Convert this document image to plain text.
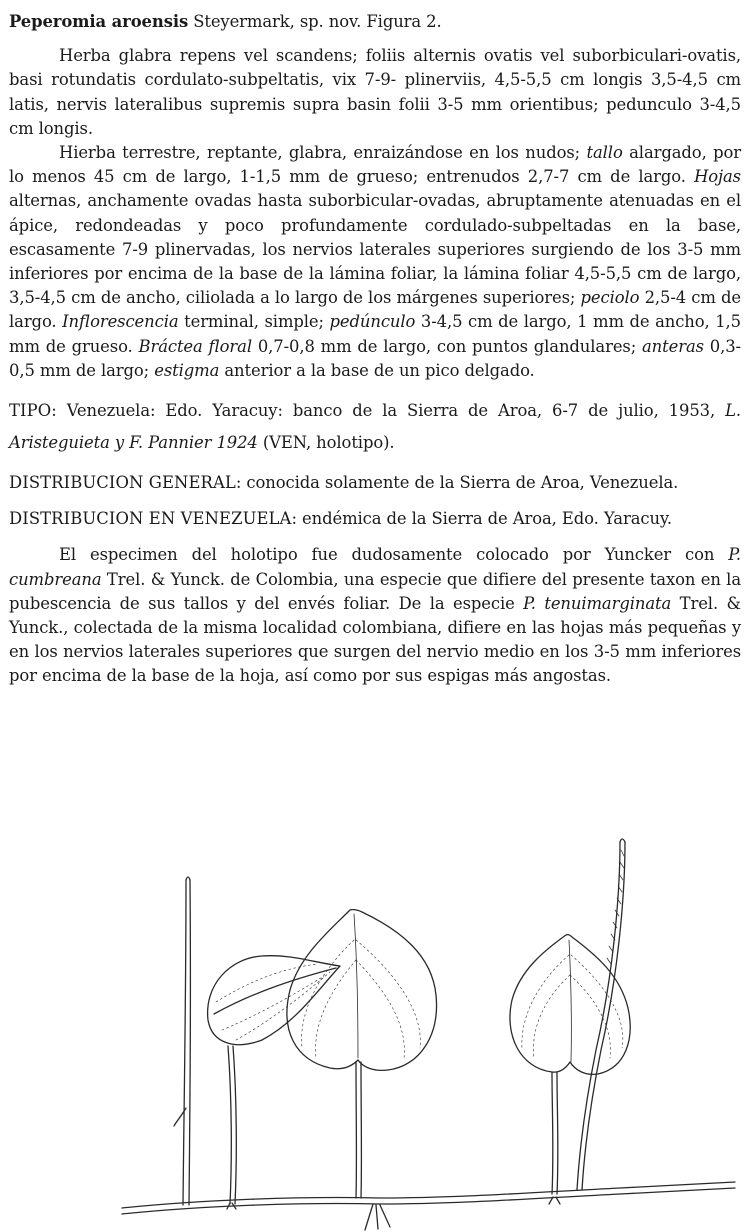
Peperomia aroensis Steyermark, sp. nov. Figura 2.

Herba glabra repens vel scandens; foliis alternis ovatis vel suborbiculari-ovatis, basi rotundatis cordulato-subpeltatis, vix 7-9- plinerviis, 4,5-5,5 cm longis 3,5-4,5 cm latis, nervis lateralibus supremis supra basin folii 3-5 mm orientibus; pedunculo 3-4,5 cm longis.

Hierba terrestre, reptante, glabra, enraizándose en los nudos; tallo alargado, por lo menos 45 cm de largo, 1-1,5 mm de grueso; entrenudos 2,7-7 cm de largo. Hojas alternas, anchamente ovadas hasta suborbicular-ovadas, abruptamente atenuadas en el ápice, redondeadas y poco profundamente cordulado-subpeltadas en la base, escasamente 7-9 plinervadas, los nervios laterales superiores surgiendo de los 3-5 mm inferiores por encima de la base de la lámina foliar, la lámina foliar 4,5-5,5 cm de largo, 3,5-4,5 cm de ancho, ciliolada a lo largo de los márgenes superiores; peciolo 2,5-4 cm de largo. Inflorescencia terminal, simple; pedúnculo 3-4,5 cm de largo, 1 mm de ancho, 1,5 mm de grueso. Bráctea floral 0,7-0,8 mm de largo, con puntos glandulares; anteras 0,3-0,5 mm de largo; estigma anterior a la base de un pico delgado.

TIPO: Venezuela: Edo. Yaracuy: banco de la Sierra de Aroa, 6-7 de julio, 1953, L. Aristeguieta y F. Pannier 1924 (VEN, holotipo).

DISTRIBUCION GENERAL: conocida solamente de la Sierra de Aroa, Venezuela.

DISTRIBUCION EN VENEZUELA: endémica de la Sierra de Aroa, Edo. Yaracuy.

El especimen del holotipo fue dudosamente colocado por Yuncker con P. cumbreana Trel. & Yunck. de Colombia, una especie que difiere del presente taxon en la pubescencia de sus tallos y del envés foliar. De la especie P. tenuimarginata Trel. & Yunck., colectada de la misma localidad colombiana, difiere en las hojas más pequeñas y en los nervios laterales superiores que surgen del nervio medio en los 3-5 mm inferiores por encima de la base de la hoja, así como por sus espigas más angostas.
